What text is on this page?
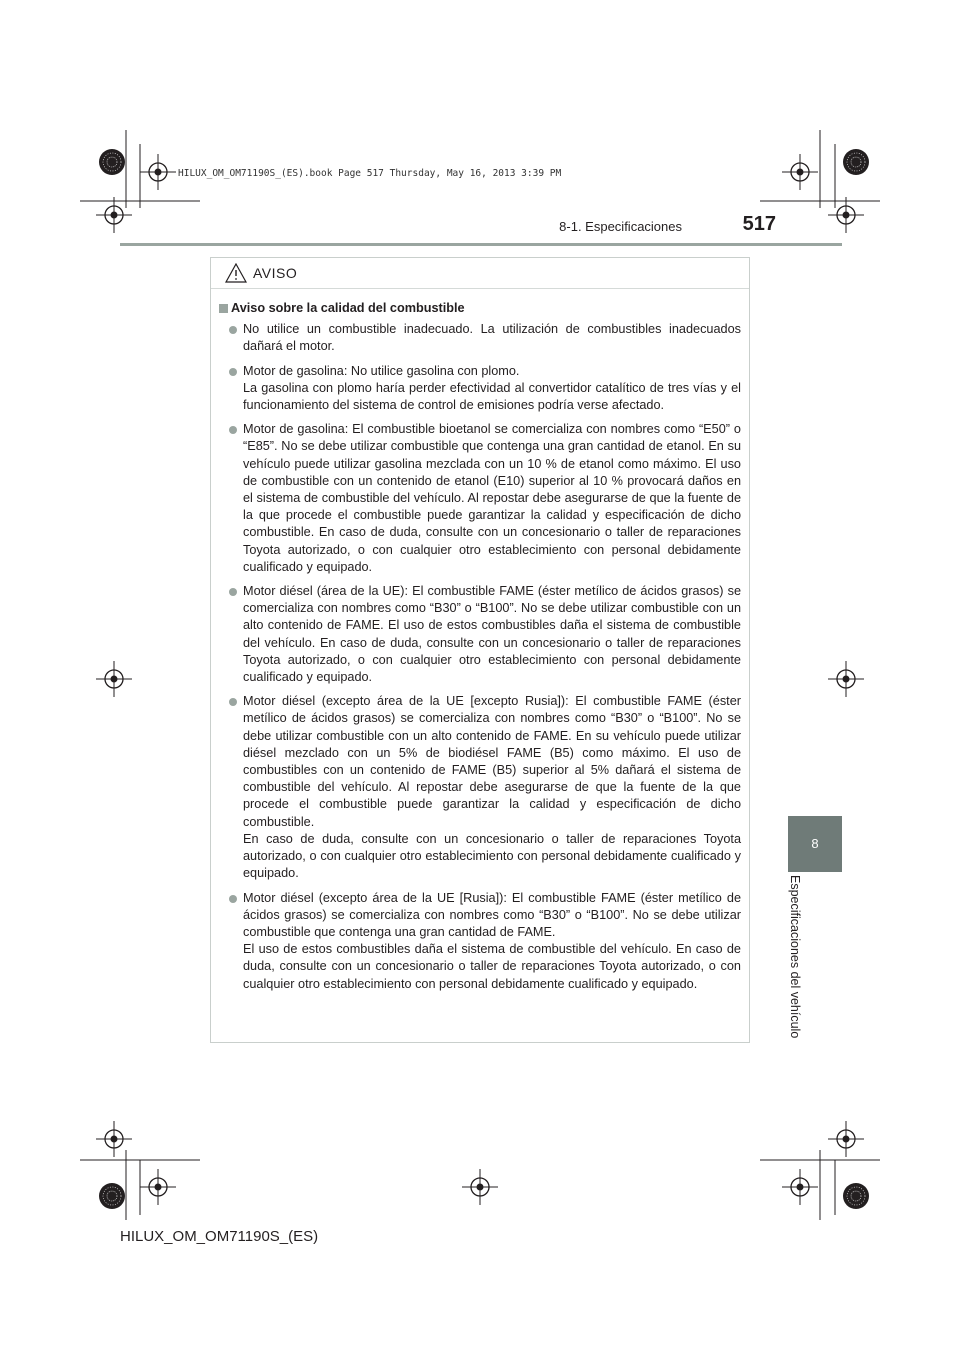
HILUX_OM_OM71190S_(ES).book Page 517 Thursday, May 16, 2013 3:39 PM
8-1. Especificaciones	517
8
Especificaciones del vehículo
AVISO
Aviso sobre la calidad del combustible
No utilice un combustible inadecuado. La utilización de combustibles inadecuados dañará el motor.
Motor de gasolina: No utilice gasolina con plomo.
La gasolina con plomo haría perder efectividad al convertidor catalítico de tres vías y el funcionamiento del sistema de control de emisiones podría verse afectado.
Motor de gasolina: El combustible bioetanol se comercializa con nombres como “E50” o “E85”. No se debe utilizar combustible que contenga una gran cantidad de etanol. En su vehículo puede utilizar gasolina mezclada con un 10 % de etanol como máximo. El uso de combustible con un contenido de etanol (E10) superior al 10 % provocará daños en el sistema de combustible del vehículo. Al repostar debe asegurarse de que la fuente de la que procede el combustible puede garantizar la calidad y especificación de dicho combustible. En caso de duda, consulte con un concesionario o taller de reparaciones Toyota autorizado, o con cualquier otro establecimiento con personal debidamente cualificado y equipado.
Motor diésel (área de la UE): El combustible FAME (éster metílico de ácidos grasos) se comercializa con nombres como “B30” o “B100”. No se debe utilizar combustible con un alto contenido de FAME. El uso de estos combustibles daña el sistema de combustible del vehículo. En caso de duda, consulte con un concesionario o taller de reparaciones Toyota autorizado, o con cualquier otro establecimiento con personal debidamente cualificado y equipado.
Motor diésel (excepto área de la UE [excepto Rusia]): El combustible FAME (éster metílico de ácidos grasos) se comercializa con nombres como “B30” o “B100”. No se debe utilizar combustible con un alto contenido de FAME. En su vehículo puede utilizar diésel mezclado con un 5% de biodiésel FAME (B5) como máximo. El uso de combustibles con un contenido de FAME (B5) superior al 5% dañará el sistema de combustible del vehículo. Al repostar debe asegurarse de que la fuente de la que procede el combustible puede garantizar la calidad y especificación de dicho combustible.
En caso de duda, consulte con un concesionario o taller de reparaciones Toyota autorizado, o con cualquier otro establecimiento con personal debidamente cualificado y equipado.
Motor diésel (excepto área de la UE [Rusia]): El combustible FAME (éster metílico de ácidos grasos) se comercializa con nombres como “B30” o “B100”. No se debe utilizar combustible que contenga una gran cantidad de FAME.
El uso de estos combustibles daña el sistema de combustible del vehículo. En caso de duda, consulte con un concesionario o taller de reparaciones Toyota autorizado, o con cualquier otro establecimiento con personal debidamente cualificado y equipado.
HILUX_OM_OM71190S_(ES)
